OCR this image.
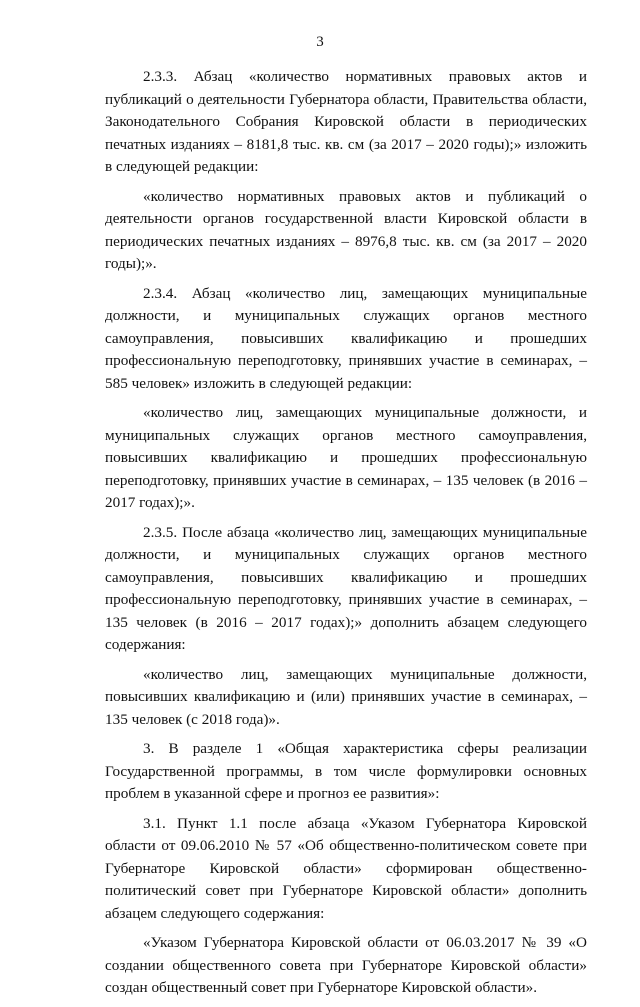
3

2.3.3. Абзац «количество нормативных правовых актов и публикаций о деятельности Губернатора области, Правительства области, Законодательного Собрания Кировской области в периодических печатных изданиях – 8181,8 тыс. кв. см (за 2017 – 2020 годы);» изложить в следующей редакции:

«количество нормативных правовых актов и публикаций о деятельности органов государственной власти Кировской области в периодических печатных изданиях – 8976,8 тыс. кв. см (за 2017 – 2020 годы);».

2.3.4. Абзац «количество лиц, замещающих муниципальные должности, и муниципальных служащих органов местного самоуправления, повысивших квалификацию и прошедших профессиональную переподготовку, принявших участие в семинарах, – 585 человек» изложить в следующей редакции:

«количество лиц, замещающих муниципальные должности, и муниципальных служащих органов местного самоуправления, повысивших квалификацию и прошедших профессиональную переподготовку, принявших участие в семинарах, – 135 человек (в 2016 – 2017 годах);».

2.3.5. После абзаца «количество лиц, замещающих муниципальные должности, и муниципальных служащих органов местного самоуправления, повысивших квалификацию и прошедших профессиональную переподготовку, принявших участие в семинарах, – 135 человек (в 2016 – 2017 годах);» дополнить абзацем следующего содержания:

«количество лиц, замещающих муниципальные должности, повысивших квалификацию и (или) принявших участие в семинарах, – 135 человек (с 2018 года)».

3. В разделе 1 «Общая характеристика сферы реализации Государственной программы, в том числе формулировки основных проблем в указанной сфере и прогноз ее развития»:

3.1. Пункт 1.1 после абзаца «Указом Губернатора Кировской области от 09.06.2010 № 57 «Об общественно-политическом совете при Губернаторе Кировской области» сформирован общественно-политический совет при Губернаторе Кировской области» дополнить абзацем следующего содержания:

«Указом Губернатора Кировской области от 06.03.2017 № 39 «О создании общественного совета при Губернаторе Кировской области» создан общественный совет при Губернаторе Кировской области».
